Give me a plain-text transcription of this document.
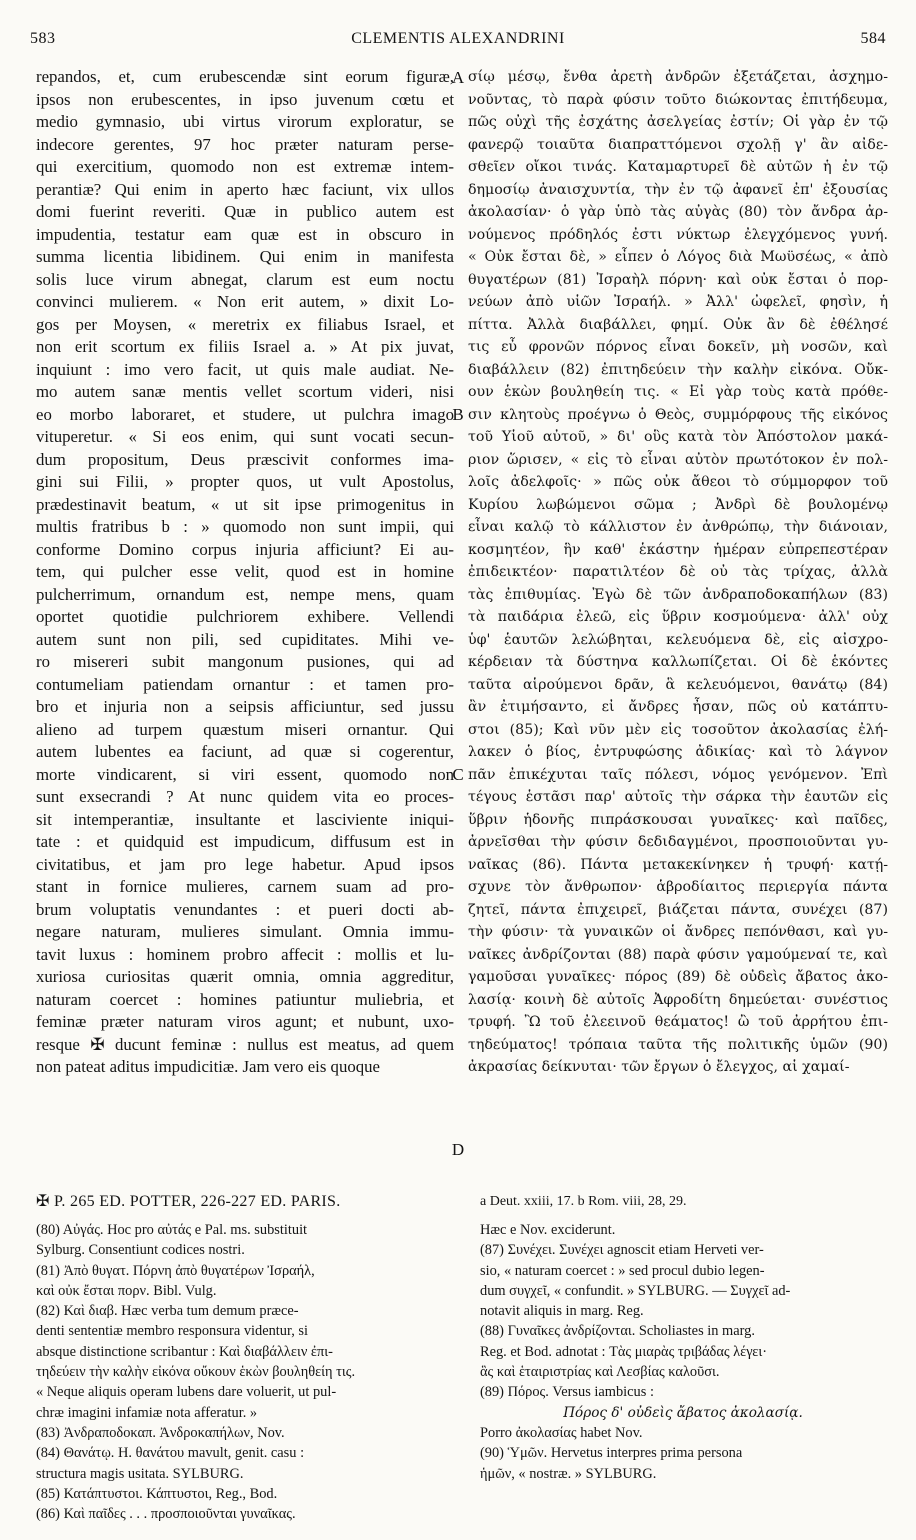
583	CLEMENTIS ALEXANDRINI	584
repandos, et, cum erubescendæ sint eorum figuræ,
ipsos non erubescentes, in ipso juvenum cœtu et
medio gymnasio, ubi virtus virorum exploratur, se
indecore gerentes, 97 hoc præter naturam perse-
qui exercitium, quomodo non est extremæ intem-
perantiæ? Qui enim in aperto hæc faciunt, vix ullos
domi fuerint reveriti. Quæ in publico autem est
impudentia, testatur eam quæ est in obscuro in
summa licentia libidinem. Qui enim in manifesta
solis luce virum abnegat, clarum est eum noctu
convinci mulierem. « Non erit autem, » dixit Lo-
gos per Moysen, « meretrix ex filiabus Israel, et
non erit scortum ex filiis Israel a. » At pix juvat,
inquiunt : imo vero facit, ut quis male audiat. Ne-
mo autem sanæ mentis vellet scortum videri, nisi
eo morbo laboraret, et studere, ut pulchra imago
vituperetur. « Si eos enim, qui sunt vocati secun-
dum propositum, Deus præscivit conformes ima-
gini sui Filii, » propter quos, ut vult Apostolus,
prædestinavit beatum, « ut sit ipse primogenitus in
multis fratribus b : » quomodo non sunt impii, qui
conforme Domino corpus injuria afficiunt? Ei au-
tem, qui pulcher esse velit, quod est in homine
pulcherrimum, ornandum est, nempe mens, quam
oportet quotidie pulchriorem exhibere. Vellendi
autem sunt non pili, sed cupiditates. Mihi ve-
ro misereri subit mangonum pusiones, qui ad
contumeliam patiendam ornantur : et tamen pro-
bro et injuria non a seipsis afficiuntur, sed jussu
alieno ad turpem quæstum miseri ornantur. Qui
autem lubentes ea faciunt, ad quæ si cogerentur,
morte vindicarent, si viri essent, quomodo non
sunt exsecrandi ? At nunc quidem vita eo proces-
sit intemperantiæ, insultante et lasciviente iniqui-
tate : et quidquid est impudicum, diffusum est in
civitatibus, et jam pro lege habetur. Apud ipsos
stant in fornice mulieres, carnem suam ad pro-
brum voluptatis venundantes : et pueri docti ab-
negare naturam, mulieres simulant. Omnia immu-
tavit luxus : hominem probro affecit : mollis et lu-
xuriosa curiositas quærit omnia, omnia aggreditur,
naturam coercet : homines patiuntur muliebria, et
feminæ præter naturam viros agunt; et nubunt, uxo-
resque ✠ ducunt feminæ : nullus est meatus, ad quem
non pateat aditus impudicitiæ. Jam vero eis quoque
σίῳ μέσῳ, ἔνθα ἀρετὴ ἀνδρῶν ἐξετάζεται, ἀσχημο-
νοῦντας, τὸ παρὰ φύσιν τοῦτο διώκοντας ἐπιτήδευμα,
πῶς οὐχὶ τῆς ἐσχάτης ἀσελγείας ἐστίν; Οἱ γὰρ ἐν τῷ
φανερῷ τοιαῦτα διαπραττόμενοι σχολῇ γ' ἂν αἰδε-
σθεῖεν οἴκοι τινάς. Καταμαρτυρεῖ δὲ αὐτῶν ἡ ἐν τῷ
δημοσίῳ ἀναισχυντία, τὴν ἐν τῷ ἀφανεῖ ἐπ' ἐξουσίας
ἀκολασίαν· ὁ γὰρ ὑπὸ τὰς αὐγὰς (80) τὸν ἄνδρα ἀρ-
νούμενος πρόδηλός ἐστι νύκτωρ ἐλεγχόμενος γυνή.
« Οὐκ ἔσται δὲ, » εἶπεν ὁ Λόγος διὰ Μωϋσέως, « ἀπὸ
θυγατέρων (81) Ἰσραὴλ πόρνη· καὶ οὐκ ἔσται ὁ πορ-
νεύων ἀπὸ υἱῶν Ἰσραήλ. » Ἀλλ' ὠφελεῖ, φησὶν, ἡ
πίττα. Ἀλλὰ διαβάλλει, φημί. Οὐκ ἂν δὲ ἐθέλησέ
τις εὖ φρονῶν πόρνος εἶναι δοκεῖν, μὴ νοσῶν, καὶ
διαβάλλειν (82) ἐπιτηδεύειν τὴν καλὴν εἰκόνα. Οὔκ-
ουν ἑκὼν βουληθείη τις. « Εἰ γὰρ τοὺς κατὰ πρόθε-
σιν κλητοὺς προέγνω ὁ Θεὸς, συμμόρφους τῆς εἰκόνος
τοῦ Υἱοῦ αὐτοῦ, » δι' οὓς κατὰ τὸν Ἀπόστολον μακά-
ριον ὥρισεν, « εἰς τὸ εἶναι αὐτὸν πρωτότοκον ἐν πολ-
λοῖς ἀδελφοῖς· » πῶς οὐκ ἄθεοι τὸ σύμμορφον τοῦ
Κυρίου λωβώμενοι σῶμα ; Ἀνδρὶ δὲ βουλομένῳ
εἶναι καλῷ τὸ κάλλιστον ἐν ἀνθρώπῳ, τὴν διάνοιαν,
κοσμητέον, ἣν καθ' ἑκάστην ἡμέραν εὐπρεπεστέραν
ἐπιδεικτέον· παρατιλτέον δὲ οὐ τὰς τρίχας, ἀλλὰ
τὰς ἐπιθυμίας. Ἐγὼ δὲ τῶν ἀνδραποδοκαπήλων (83)
τὰ παιδάρια ἐλεῶ, εἰς ὕβριν κοσμούμενα· ἀλλ' οὐχ
ὑφ' ἑαυτῶν λελώβηται, κελευόμενα δὲ, εἰς αἰσχρο-
κέρδειαν τὰ δύστηνα καλλωπίζεται. Οἱ δὲ ἑκόντες
ταῦτα αἱρούμενοι δρᾶν, ἃ κελευόμενοι, θανάτῳ (84)
ἂν ἐτιμήσαντο, εἰ ἄνδρες ἦσαν, πῶς οὐ κατάπτυ-
στοι (85); Καὶ νῦν μὲν εἰς τοσοῦτον ἀκολασίας ἐλή-
λακεν ὁ βίος, ἐντρυφώσης ἀδικίας· καὶ τὸ λάγνον
πᾶν ἐπικέχυται ταῖς πόλεσι, νόμος γενόμενον. Ἐπὶ
τέγους ἑστᾶσι παρ' αὐτοῖς τὴν σάρκα τὴν ἑαυτῶν εἰς
ὕβριν ἡδονῆς πιπράσκουσαι γυναῖκες· καὶ παῖδες,
ἀρνεῖσθαι τὴν φύσιν δεδιδαγμένοι, προσποιοῦνται γυ-
ναῖκας (86). Πάντα μετακεκίνηκεν ἡ τρυφή· κατῄ-
σχυνε τὸν ἄνθρωπον· ἁβροδίαιτος περιεργία πάντα
ζητεῖ, πάντα ἐπιχειρεῖ, βιάζεται πάντα, συνέχει (87)
τὴν φύσιν· τὰ γυναικῶν οἱ ἄνδρες πεπόνθασι, καὶ γυ-
ναῖκες ἀνδρίζονται (88) παρὰ φύσιν γαμούμεναί τε, καὶ
γαμοῦσαι γυναῖκες· πόρος (89) δὲ οὐδεὶς ἄβατος ἀκο-
λασίᾳ· κοινὴ δὲ αὐτοῖς Ἀφροδίτη δημεύεται· συνέστιος
τρυφή. Ὢ τοῦ ἐλεεινοῦ θεάματος! ὢ τοῦ ἀρρήτου ἐπι-
τηδεύματος! τρόπαια ταῦτα τῆς πολιτικῆς ὑμῶν (90)
ἀκρασίας δείκνυται· τῶν ἔργων ὁ ἔλεγχος, αἱ χαμαί-
A
B
C
D
✠ P. 265 ED. POTTER, 226-227 ED. PARIS.	a Deut. xxiii, 17. b Rom. viii, 28, 29.
(80) Αὐγάς. Hoc pro αὐτάς e Pal. ms. substituit
Sylburg. Consentiunt codices nostri.
(81) Ἀπὸ θυγατ. Πόρνη ἀπὸ θυγατέρων Ἰσραήλ,
καὶ οὐκ ἔσται πορν. Bibl. Vulg.
(82) Καὶ διαβ. Hæc verba tum demum præce-
denti sententiæ membro responsura videntur, si
absque distinctione scribantur : Καὶ διαβάλλειν ἐπι-
τηδεύειν τὴν καλὴν εἰκόνα οὔκουν ἑκὼν βουληθείη τις.
« Neque aliquis operam lubens dare voluerit, ut pul-
chræ imagini infamiæ nota afferatur. »
(83) Ἀνδραποδοκαπ. Ἀνδροκαπήλων, Nov.
(84) Θανάτῳ. H. θανάτου mavult, genit. casu :
structura magis usitata. SYLBURG.
(85) Κατάπτυστοι. Κάπτυστοι, Reg., Bod.
(86) Καὶ παῖδες . . . προσποιοῦνται γυναῖκας.
Hæc e Nov. exciderunt.
(87) Συνέχει. Συνέχει agnoscit etiam Herveti ver-
sio, « naturam coercet : » sed procul dubio legen-
dum συγχεῖ, « confundit. » SYLBURG. — Συγχεῖ ad-
notavit aliquis in marg. Reg.
(88) Γυναῖκες ἀνδρίζονται. Scholiastes in marg.
Reg. et Bod. adnotat : Τὰς μιαρὰς τριβάδας λέγει·
ἃς καὶ ἑταιριστρίας καὶ Λεσβίας καλοῦσι.
(89) Πόρος. Versus iambicus :
Πόρος δ' οὐδεὶς ἄβατος ἀκολασίᾳ.
Porro ἀκολασίας habet Nov.
(90) Ὑμῶν. Hervetus interpres prima persona
ἡμῶν, « nostræ. » SYLBURG.
